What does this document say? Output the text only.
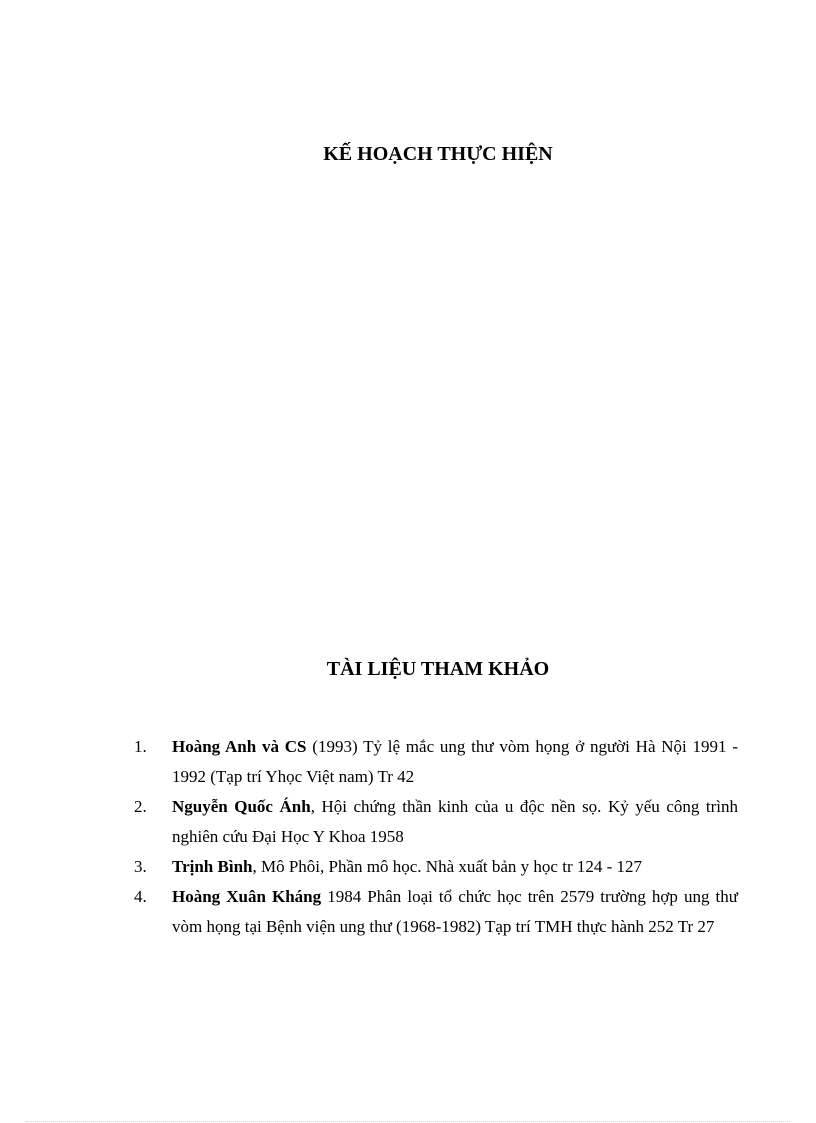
KẾ HOẠCH THỰC HIỆN
TÀI LIỆU THAM KHẢO
1.	Hoàng Anh và CS (1993) Tỷ lệ mắc ung thư vòm họng ở người Hà Nội 1991 - 1992 (Tạp trí Yhọc Việt nam) Tr 42
2.	Nguyễn Quốc Ánh, Hội chứng thần kinh của u độc nền sọ. Kỷ yếu công trình nghiên cứu Đại Học Y Khoa 1958
3.	Trịnh Bình, Mô Phôi, Phần mô học. Nhà xuất bản y học tr 124 - 127
4.	Hoàng Xuân Kháng 1984 Phân loại tổ chức học trên 2579 trường hợp ung thư vòm họng tại Bệnh viện ung thư (1968-1982) Tạp trí TMH thực hành 252 Tr 27
